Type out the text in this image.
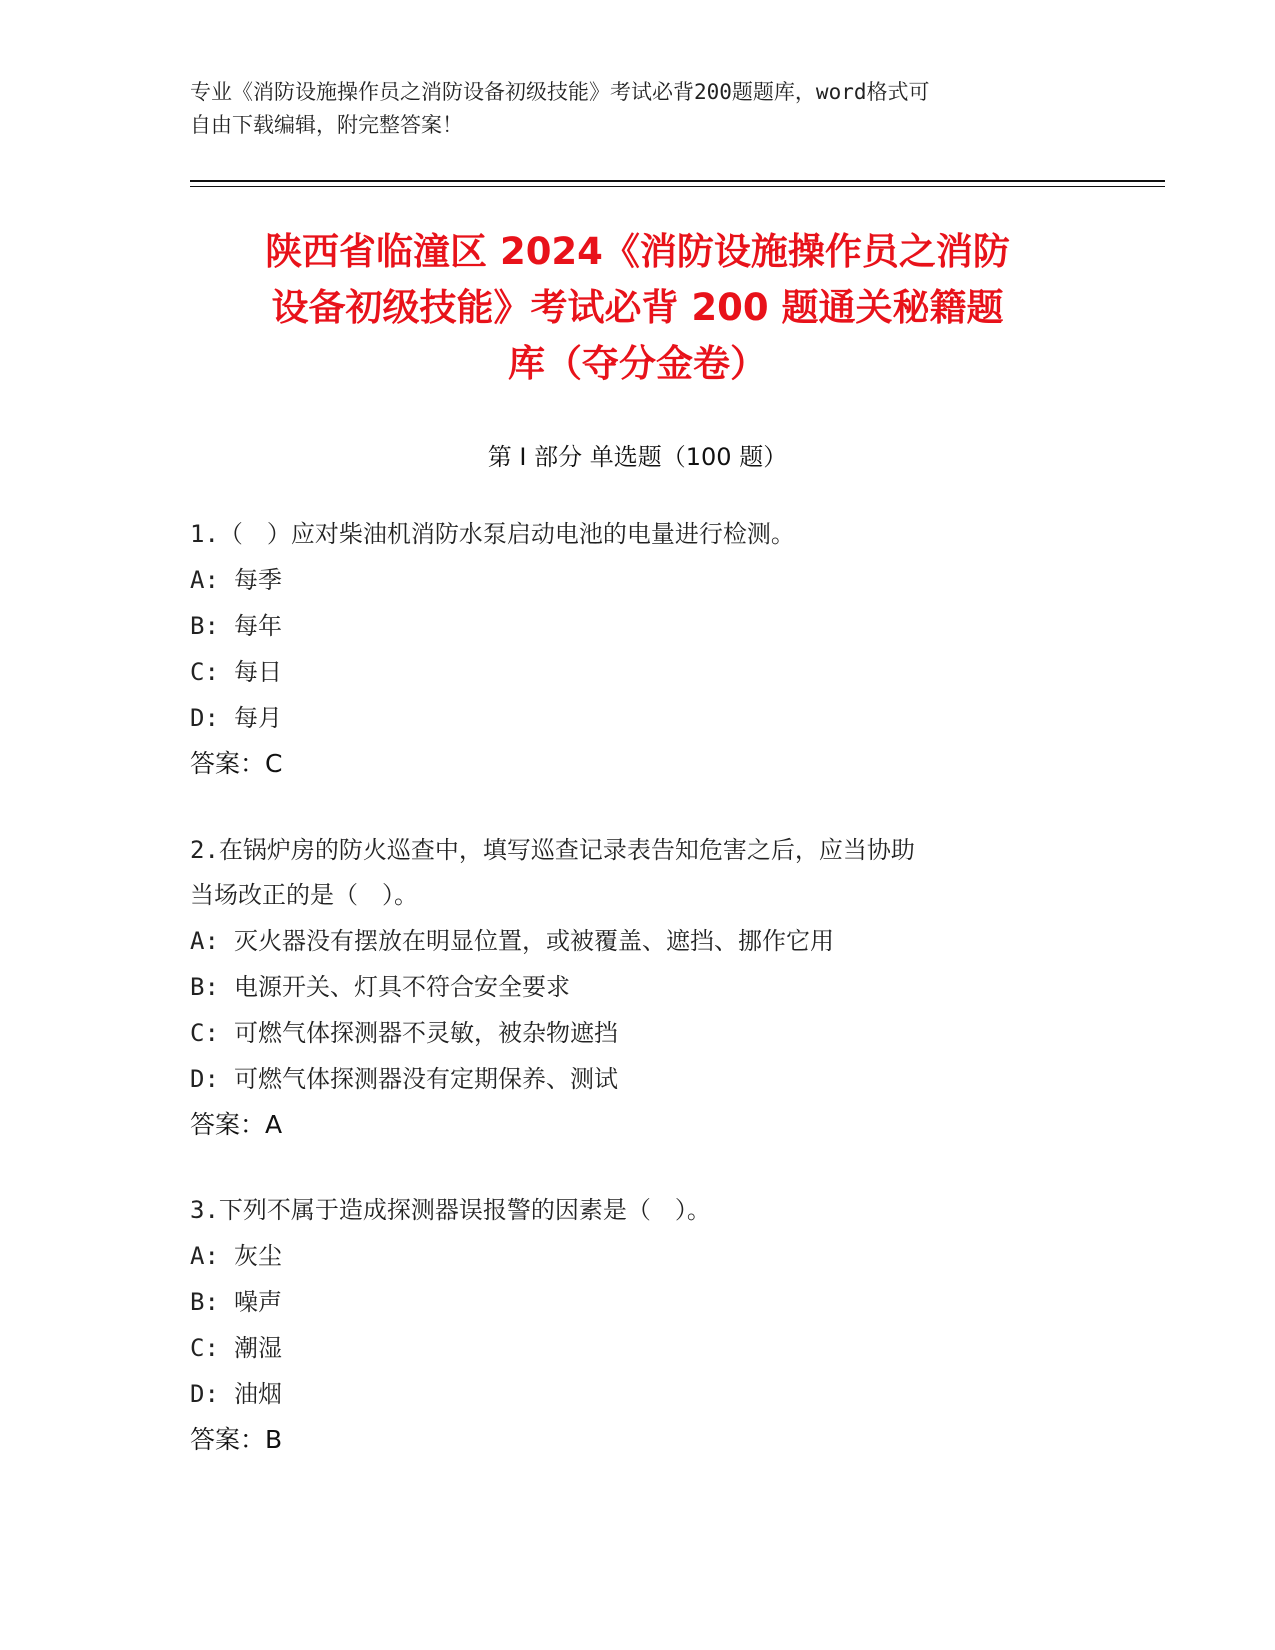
专业《消防设施操作员之消防设备初级技能》考试必背200题题库，word格式可
自由下载编辑，附完整答案！
陕西省临潼区 2024《消防设施操作员之消防
设备初级技能》考试必背 200 题通关秘籍题
库（夺分金卷）
第 I 部分 单选题（100 题）

1.（　）应对柴油机消防水泵启动电池的电量进行检测。

A: 每季

B: 每年

C: 每日

D: 每月

答案：C

2.在锅炉房的防火巡查中，填写巡查记录表告知危害之后，应当协助

当场改正的是（　）。

A: 灭火器没有摆放在明显位置，或被覆盖、遮挡、挪作它用

B: 电源开关、灯具不符合安全要求

C: 可燃气体探测器不灵敏，被杂物遮挡

D: 可燃气体探测器没有定期保养、测试

答案：A

3.下列不属于造成探测器误报警的因素是（　）。

A: 灰尘

B: 噪声

C: 潮湿

D: 油烟

答案：B
